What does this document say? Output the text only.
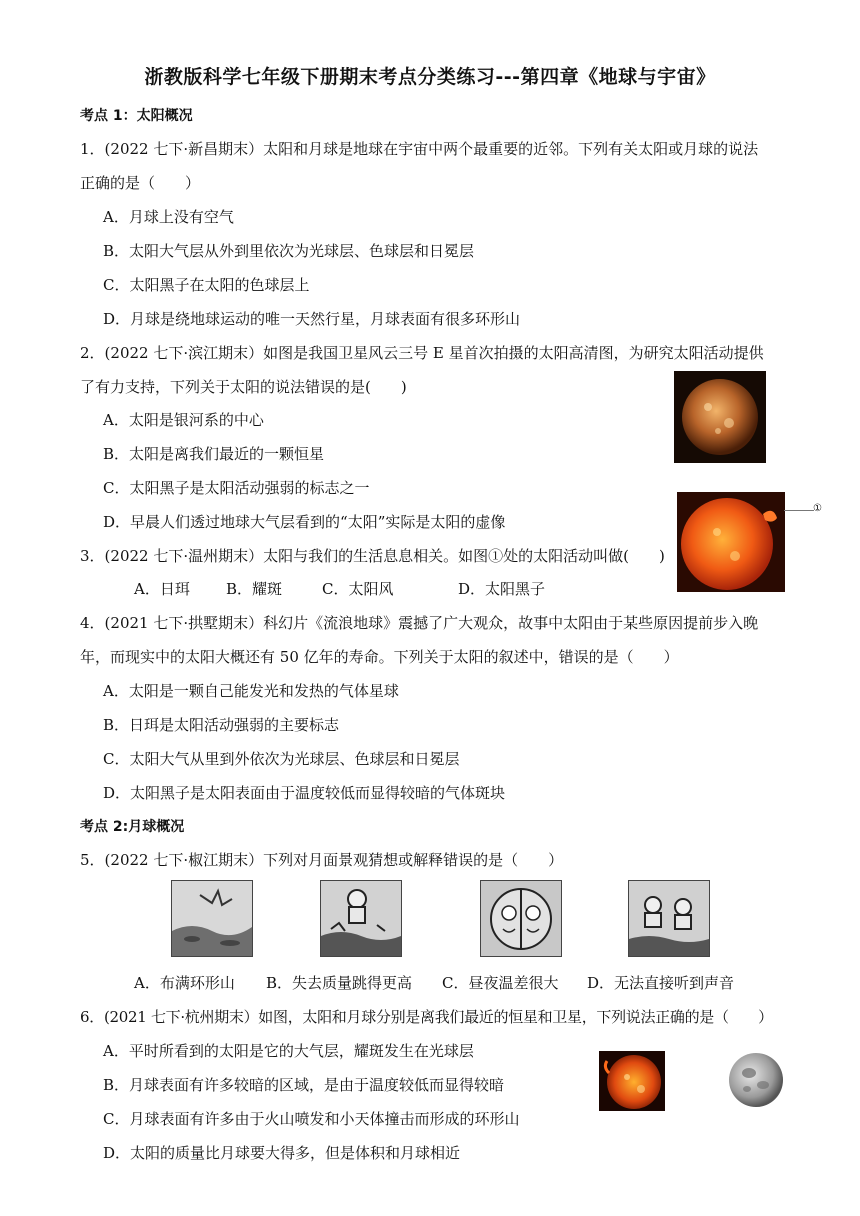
浙教版科学七年级下册期末考点分类练习---第四章《地球与宇宙》
考点 1：太阳概况
1．(2022 七下·新昌期末）太阳和月球是地球在宇宙中两个最重要的近邻。下列有关太阳或月球的说法
正确的是（　　）
A．月球上没有空气
B．太阳大气层从外到里依次为光球层、色球层和日冕层
C．太阳黑子在太阳的色球层上
D．月球是绕地球运动的唯一天然行星，月球表面有很多环形山
2．(2022 七下·滨江期末）如图是我国卫星风云三号 E 星首次拍摄的太阳高清图，为研究太阳活动提供
了有力支持，下列关于太阳的说法错误的是(　　)
A．太阳是银河系的中心
B．太阳是离我们最近的一颗恒星
C．太阳黑子是太阳活动强弱的标志之一
D．早晨人们透过地球大气层看到的“太阳”实际是太阳的虚像
①
3．(2022 七下·温州期末）太阳与我们的生活息息相关。如图①处的太阳活动叫做(　　)
A．日珥 B．耀斑	C．太阳风	D．太阳黑子
4．(2021 七下·拱墅期末）科幻片《流浪地球》震撼了广大观众，故事中太阳由于某些原因提前步入晚
年，而现实中的太阳大概还有 50 亿年的寿命。下列关于太阳的叙述中，错误的是（　　）
A．太阳是一颗自己能发光和发热的气体星球
B．日珥是太阳活动强弱的主要标志
C．太阳大气从里到外依次为光球层、色球层和日冕层
D．太阳黑子是太阳表面由于温度较低而显得较暗的气体斑块
考点 2:月球概况
5．(2022 七下·椒江期末）下列对月面景观猜想或解释错误的是（　　）
A．布满环形山 B．失去质量跳得更高 C．昼夜温差很大 D．无法直接听到声音
6．(2021 七下·杭州期末）如图，太阳和月球分别是离我们最近的恒星和卫星，下列说法正确的是（　　）
A．平时所看到的太阳是它的大气层，耀斑发生在光球层
B．月球表面有许多较暗的区域，是由于温度较低而显得较暗
C．月球表面有许多由于火山喷发和小天体撞击而形成的环形山
D．太阳的质量比月球要大得多，但是体积和月球相近
